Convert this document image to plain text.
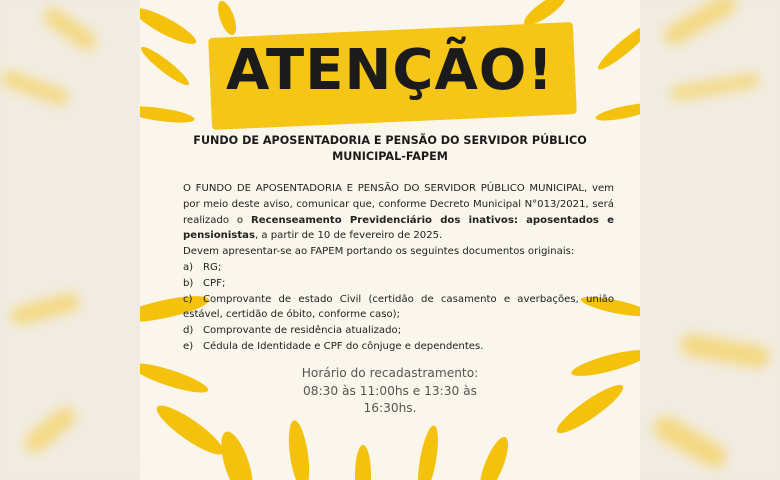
ATENÇÃO!
FUNDO DE APOSENTADORIA E PENSÃO DO SERVIDOR PÚBLICO
MUNICIPAL-FAPEM

O FUNDO DE APOSENTADORIA E PENSÃO DO SERVIDOR PÚBLICO MUNICIPAL, vem por meio deste aviso, comunicar que, conforme Decreto Municipal N°013/2021, será realizado o Recenseamento Previdenciário dos inativos: aposentados e pensionistas, a partir de 10 de fevereiro de 2025.

Devem apresentar-se ao FAPEM portando os seguintes documentos originais:

a) RG;
b) CPF;
c) Comprovante de estado Civil (certidão de casamento e averbações, união estável, certidão de óbito, conforme caso);
d) Comprovante de residência atualizado;
e) Cédula de Identidade e CPF do cônjuge e dependentes.
Horário do recadastramento:
08:30 às 11:00hs e 13:30 às
16:30hs.
